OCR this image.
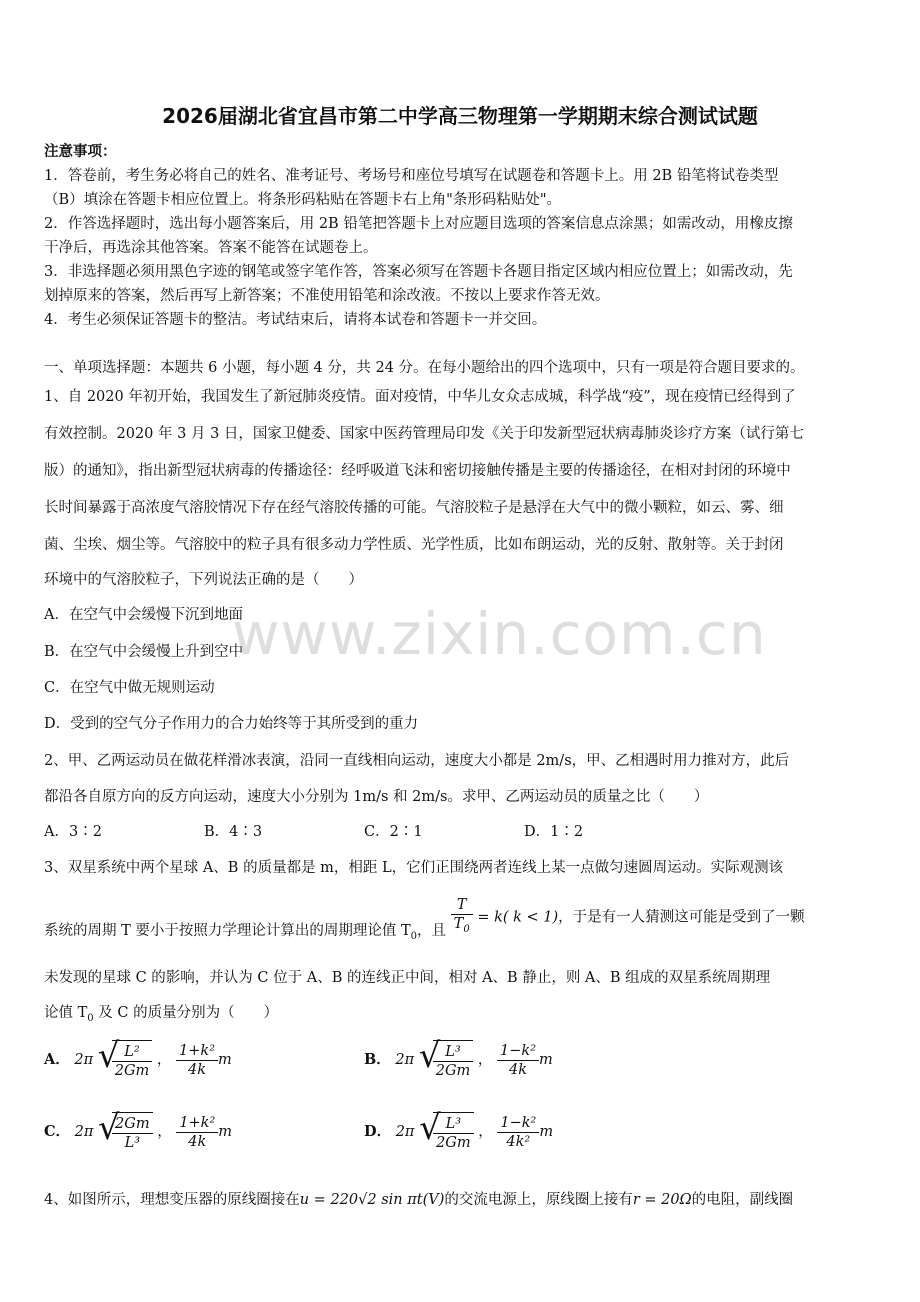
2026届湖北省宜昌市第二中学高三物理第一学期期末综合测试试题
注意事项：
1．答卷前，考生务必将自己的姓名、准考证号、考场号和座位号填写在试题卷和答题卡上。用 2B 铅笔将试卷类型
（B）填涂在答题卡相应位置上。将条形码粘贴在答题卡右上角"条形码粘贴处"。
2．作答选择题时，选出每小题答案后，用 2B 铅笔把答题卡上对应题目选项的答案信息点涂黑；如需改动，用橡皮擦
干净后，再选涂其他答案。答案不能答在试题卷上。
3．非选择题必须用黑色字迹的钢笔或签字笔作答，答案必须写在答题卡各题目指定区域内相应位置上；如需改动，先
划掉原来的答案，然后再写上新答案；不准使用铅笔和涂改液。不按以上要求作答无效。
4．考生必须保证答题卡的整洁。考试结束后，请将本试卷和答题卡一并交回。
一、单项选择题：本题共 6 小题，每小题 4 分，共 24 分。在每小题给出的四个选项中，只有一项是符合题目要求的。
1、自 2020 年初开始，我国发生了新冠肺炎疫情。面对疫情，中华儿女众志成城，科学战“疫”，现在疫情已经得到了
有效控制。2020 年 3 月 3 日，国家卫健委、国家中医药管理局印发《关于印发新型冠状病毒肺炎诊疗方案（试行第七
版）的通知》，指出新型冠状病毒的传播途径：经呼吸道飞沫和密切接触传播是主要的传播途径，在相对封闭的环境中
长时间暴露于高浓度气溶胶情况下存在经气溶胶传播的可能。气溶胶粒子是悬浮在大气中的微小颗粒，如云、雾、细
菌、尘埃、烟尘等。气溶胶中的粒子具有很多动力学性质、光学性质，比如布朗运动，光的反射、散射等。关于封闭
环境中的气溶胶粒子，下列说法正确的是（　　）
A．在空气中会缓慢下沉到地面
B．在空气中会缓慢上升到空中
C．在空气中做无规则运动
D．受到的空气分子作用力的合力始终等于其所受到的重力
www.zixin.com.cn
2、甲、乙两运动员在做花样滑冰表演，沿同一直线相向运动，速度大小都是 2m/s，甲、乙相遇时用力推对方，此后
都沿各自原方向的反方向运动，速度大小分别为 1m/s 和 2m/s。求甲、乙两运动员的质量之比（　　）
A．3∶2	B．4∶3	C．2∶1	D．1∶2
3、双星系统中两个星球 A、B 的质量都是 m，相距 L，它们正围绕两者连线上某一点做匀速圆周运动。实际观测该
系统的周期 T 要小于按照力学理论计算出的周期理论值 $T_0$，且 $\frac{T}{T_0} = k$( k < 1)，于是有一人猜测这可能是受到了一颗
未发现的星球 C 的影响，并认为 C 位于 A、B 的连线正中间，相对 A、B 静止，则 A、B 组成的双星系统周期理
论值 $T_0$ 及 C 的质量分别为（　　）
A． 2π √
$\frac{\text{L²}}{2Gm}$ ， $\frac{\text{1+k²}}{4k}$ m	B． 2π √
$\frac{\text{L³}}{2Gm}$ ， $\frac{\text{1−k²}}{4k}$ m
C． 2π √
$\frac{2Gm}{\text{L³}}$ ， $\frac{\text{1+k²}}{4k}$ m	D． 2π √
$\frac{\text{L³}}{2Gm}$ ， $\frac{\text{1−k²}}{\text{4k²}}$ m
4、如图所示，理想变压器的原线圈接在u = 220√2 sin πt(V)的交流电源上，原线圈上接有r = 20Ω的电阻，副线圈
